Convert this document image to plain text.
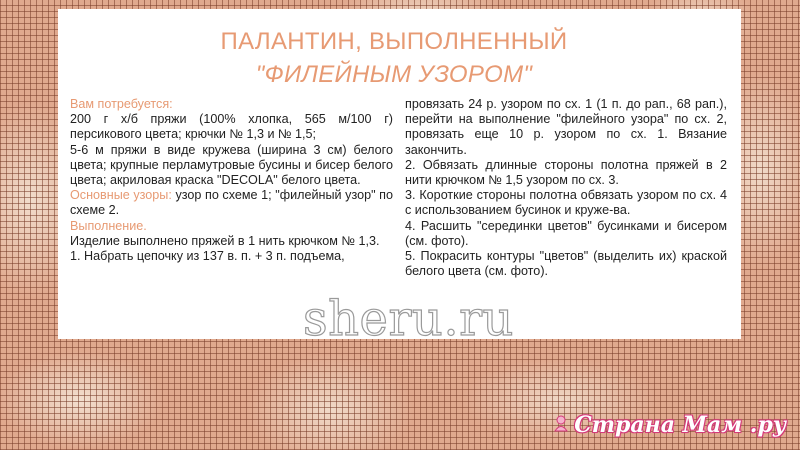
ПАЛАНТИН, ВЫПОЛНЕННЫЙ
"ФИЛЕЙНЫМ УЗОРОМ"

Вам потребуется:

200 г х/б пряжи (100% хлопка, 565 м/100 г) персикового цвета; крючки № 1,3 и № 1,5;

5-6 м пряжи в виде кружева (ширина 3 см) белого цвета; крупные перламутровые бусины и бисер белого цвета; акриловая краска "DECOLA" белого цвета.

Основные узоры: узор по схеме 1; "филейный узор" по схеме 2.

Выполнение.

Изделие выполнено пряжей в 1 нить крючком № 1,3.

1. Набрать цепочку из 137 в. п. + 3 п. подъема,

провязать 24 р. узором по сх. 1 (1 п. до рап., 68 рап.), перейти на выполнение "филейного узора" по сх. 2, провязать еще 10 р. узором по сх. 1. Вязание закончить.

2. Обвязать длинные стороны полотна пряжей в 2 нити крючком № 1,5 узором по сх. 3.

3. Короткие стороны полотна обвязать узором по сх. 4 с использованием бусинок и круже-ва.

4. Расшить "серединки цветов" бусинками и бисером (см. фото).

5. Покрасить контуры "цветов" (выделить их) краской белого цвета (см. фото).

sheru.ru
Страна Мам .ру
